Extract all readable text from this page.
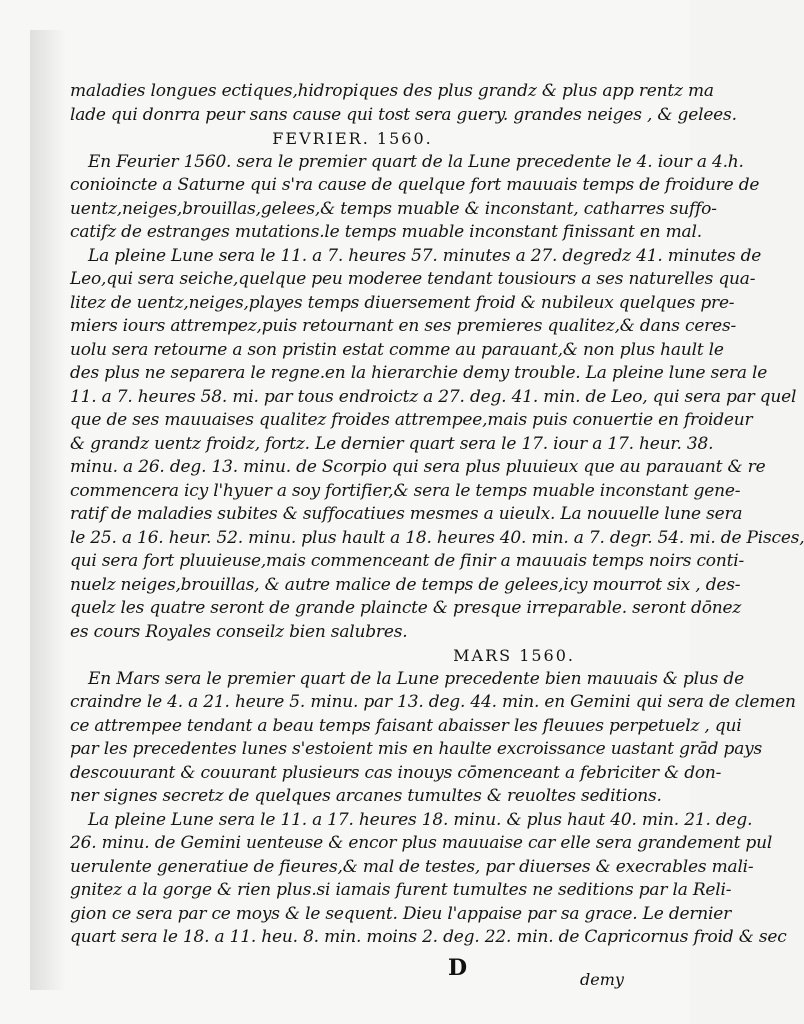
maladies longues ectiques,hidropiques des plus grandz & plus app rentz ma
lade qui donrra peur sans cause qui tost sera guery. grandes neiges , & gelees.
FEVRIER. 1560.
En Feurier 1560. sera le premier quart de la Lune precedente le 4. iour a 4.h.
conioincte a Saturne qui s'ra cause de quelque fort mauuais temps de froidure de
uentz,neiges,brouillas,gelees,& temps muable & inconstant, catharres suffo-
catifz de estranges mutations.le temps muable inconstant finissant en mal.
La pleine Lune sera le 11. a 7. heures 57. minutes a 27. degredz 41. minutes de
Leo,qui sera seiche,quelque peu moderee tendant tousiours a ses naturelles qua-
litez de uentz,neiges,playes temps diuersement froid & nubileux quelques pre-
miers iours attrempez,puis retournant en ses premieres qualitez,& dans ceres-
uolu sera retourne a son pristin estat comme au parauant,& non plus hault le
des plus ne separera le regne.en la hierarchie demy trouble. La pleine lune sera le
11. a 7. heures 58. mi. par tous endroictz a 27. deg. 41. min. de Leo, qui sera par quel
que de ses mauuaises qualitez froides attrempee,mais puis conuertie en froideur
& grandz uentz froidz, fortz. Le dernier quart sera le 17. iour a 17. heur. 38.
minu. a 26. deg. 13. minu. de Scorpio qui sera plus pluuieux que au parauant & re
commencera icy l'hyuer a soy fortifier,& sera le temps muable inconstant gene-
ratif de maladies subites & suffocatiues mesmes a uieulx. La nouuelle lune sera
le 25. a 16. heur. 52. minu. plus hault a 18. heures 40. min. a 7. degr. 54. mi. de Pisces,
qui sera fort pluuieuse,mais commenceant de finir a mauuais temps noirs conti-
nuelz neiges,brouillas, & autre malice de temps de gelees,icy mourrot six , des-
quelz les quatre seront de grande plaincte & presque irreparable. seront dōnez
es cours Royales conseilz bien salubres.
MARS 1560.
En Mars sera le premier quart de la Lune precedente bien mauuais & plus de
craindre le 4. a 21. heure 5. minu. par 13. deg. 44. min. en Gemini qui sera de clemen
ce attrempee tendant a beau temps faisant abaisser les fleuues perpetuelz , qui
par les precedentes lunes s'estoient mis en haulte excroissance uastant grād pays
descouurant & couurant plusieurs cas inouys cōmenceant a febriciter & don-
ner signes secretz de quelques arcanes tumultes & reuoltes seditions.
La pleine Lune sera le 11. a 17. heures 18. minu. & plus haut 40. min. 21. deg.
26. minu. de Gemini uenteuse & encor plus mauuaise car elle sera grandement pul
uerulente generatiue de fieures,& mal de testes, par diuerses & execrables mali-
gnitez a la gorge & rien plus.si iamais furent tumultes ne seditions par la Reli-
gion ce sera par ce moys & le sequent. Dieu l'appaise par sa grace. Le dernier
quart sera le 18. a 11. heu. 8. min. moins 2. deg. 22. min. de Capricornus froid & sec
D	demy
